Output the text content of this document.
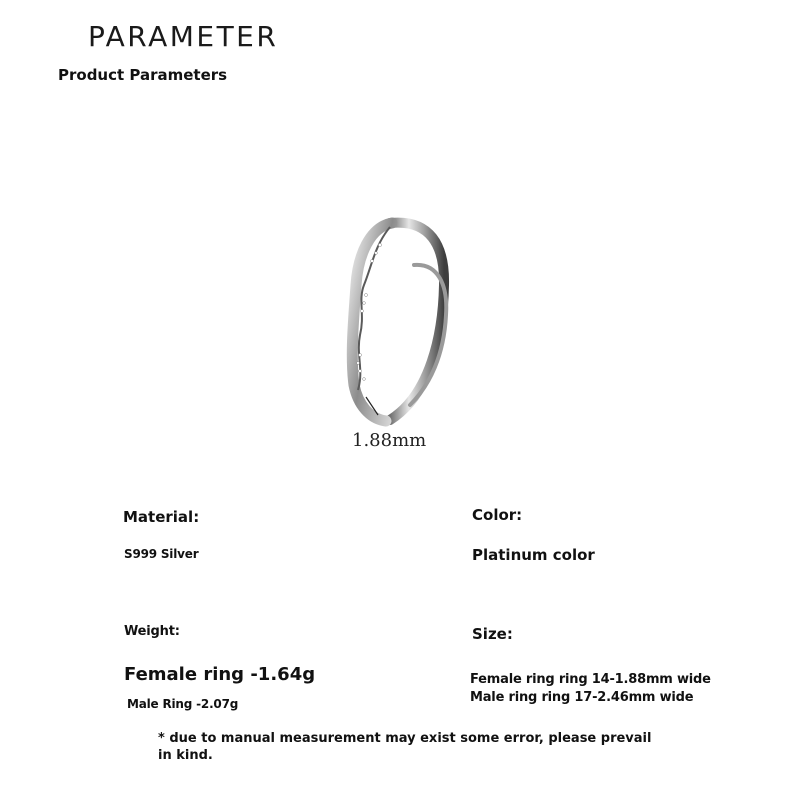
PARAMETER
Product Parameters
1.88mm
Material:
S999 Silver
Color:
Platinum color
Weight:
Female ring -1.64g
Male Ring -2.07g
Size:
Female ring ring 14-1.88mm wide
Male ring ring 17-2.46mm wide
* due to manual measurement may exist some error, please prevail in kind.
